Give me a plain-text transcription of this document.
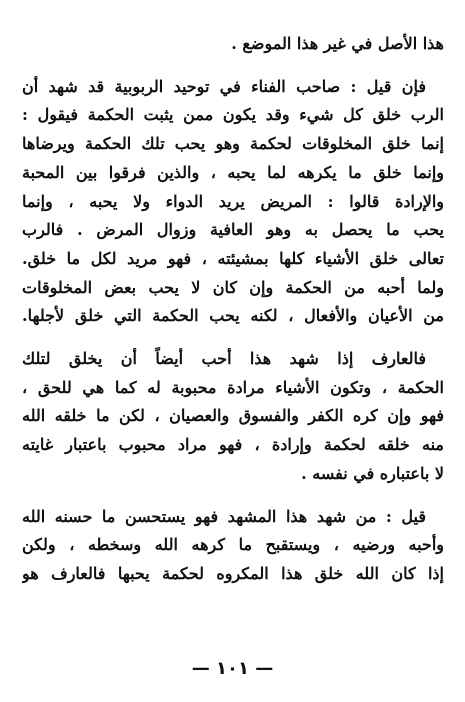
هذا الأصل في غير هذا الموضع .
فإن قيل : صاحب الفناء في توحيد الربوبية قد شهد أن
الرب خلق كل شيء وقد يكون ممن يثبت الحكمة فيقول :
إنما خلق المخلوقات لحكمة وهو يحب تلك الحكمة ويرضاها
وإنما خلق ما يكرهه لما يحبه ، والذين فرقوا بين المحبة
والإرادة قالوا : المريض يريد الدواء ولا يحبه ، وإنما
يحب ما يحصل به وهو العافية وزوال المرض . فالرب
تعالى خلق الأشياء كلها بمشيئته ، فهو مريد لكل ما خلق.
ولما أحبه من الحكمة وإن كان لا يحب بعض المخلوقات
من الأعيان والأفعال ، لكنه يحب الحكمة التي خلق لأجلها.
فالعارف إذا شهد هذا أحب أيضاً أن يخلق لتلك
الحكمة ، وتكون الأشياء مرادة محبوبة له كما هي للحق ،
فهو وإن كره الكفر والفسوق والعصيان ، لكن ما خلقه الله
منه خلقه لحكمة وإرادة ، فهو مراد محبوب باعتبار غايته
لا باعتباره في نفسه .
قيل : من شهد هذا المشهد فهو يستحسن ما حسنه الله
وأحبه ورضيه ، ويستقبح ما كرهه الله وسخطه ، ولكن
إذا كان الله خلق هذا المكروه لحكمة يحبها فالعارف هو
— ١٠١ —
